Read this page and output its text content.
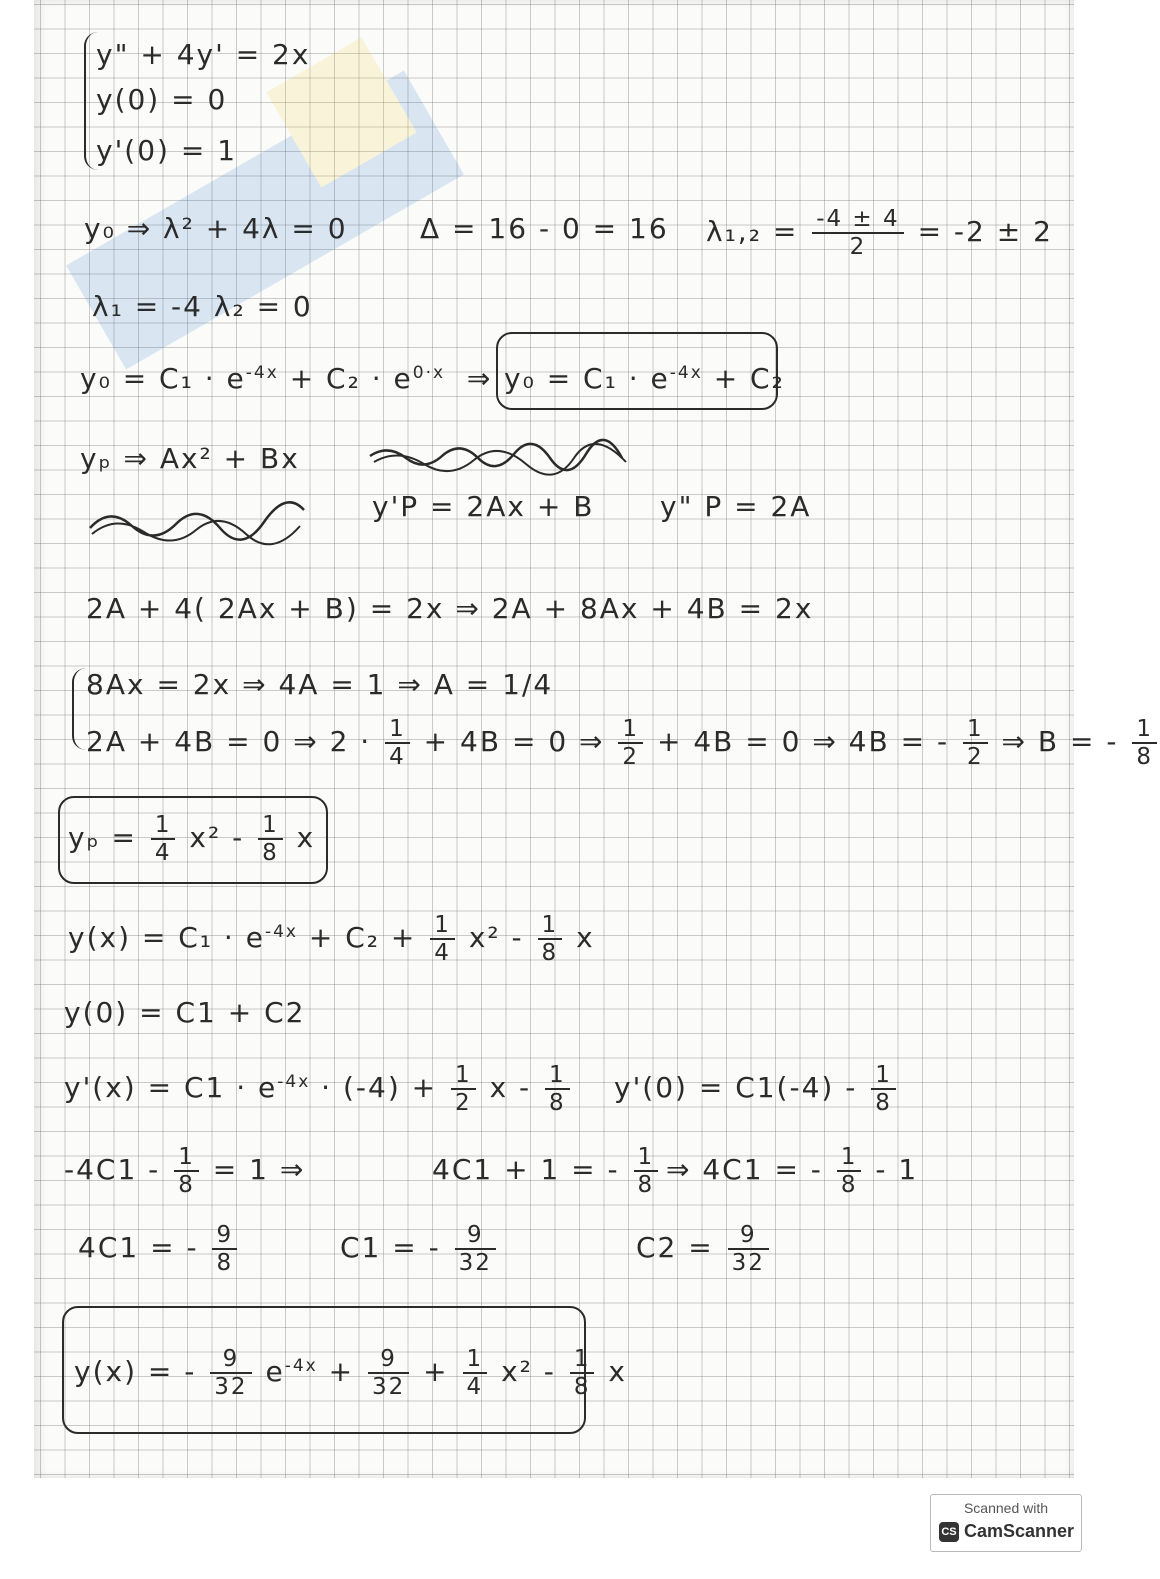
y" + 4y' = 2x
y(0) = 0
y'(0) = 1
y₀ ⇒ λ² + 4λ = 0	Δ = 16 - 0 = 16 $\lambda_1,_2 = \frac{-4 \pm 4}{2} = -2 \pm 2$
λ₁ = -4 λ₂ = 0
$y_0 = C_1 \cdot e^{-4x} + C_2 \cdot e^{0\cdot x}$ ⇒ $y_0 = C_1 \cdot e^{-4x} + C_2$
yₚ ⇒ Ax² + Bx
y'P = 2Ax + B y" P = 2A
2A + 4( 2Ax + B) = 2x ⇒ 2A + 8Ax + 4B = 2x
8Ax = 2x ⇒ 4A = 1 ⇒ A = 1/4
2A + 4B = 0 ⇒ $2 \cdot \frac{1}{4} + 4B = 0$ ⇒ $\frac{1}{2} + 4B = 0$ ⇒ 4B = - $\frac{1}{2}$ ⇒ B = - $\frac{1}{8}$
$y_p = \frac{1}{4} x^2 - \frac{1}{8}$ x
$y(x) = C_1 \cdot e^{-4x} + C_2 + \frac{1}{4} x^2 - \frac{1}{8}$ x
y(0) = C1 + C2
$y'(x) = C1 \cdot e^{-4x} \cdot (-4) + \frac{1}{2}$ $x - \frac{1}{8} y'(0) = C1(-4) - \frac{1}{8}$
$-4C1 - \frac{1}{8} = 1$ ⇒	4C1 + 1 = - $\frac{1}{8}$ ⇒ 4C1 = - $\frac{1}{8} - 1$
4C1 = - $\frac{9}{8}$	C1 = - $\frac{9}{32}$	$C2 = \frac{9}{32}$
y(x) = - $\frac{9}{32} e^{-4x} + \frac{9}{32} + \frac{1}{4} x^2 - \frac{1}{8}$ x
Scanned with
CS CamScanner
